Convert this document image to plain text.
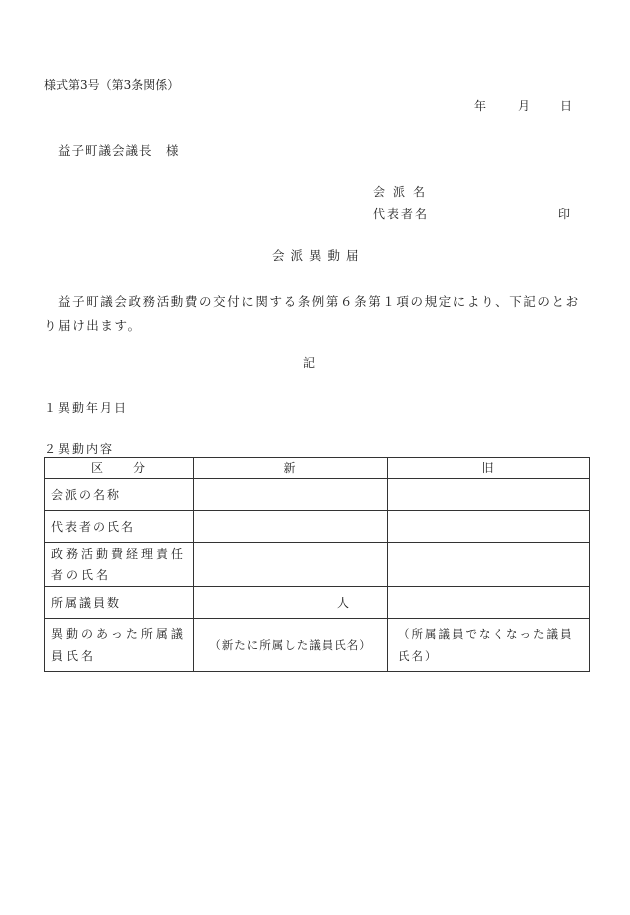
様式第3号（第3条関係）
年	月 日
益子町議会議長　様
会派名
代表者名	印
会派異動届
益子町議会政務活動費の交付に関する条例第６条第１項の規定により、下記のとおり届け出ます。
記
１異動年月日
２異動内容
区　　分	新	旧
会派の名称		
代表者の氏名		
政務活動費経理責任者の氏名		
所属議員数	人	

異動のあった所属議員氏名	（新たに所属した議員氏名）	（所属議員でなくなった議員氏名）
